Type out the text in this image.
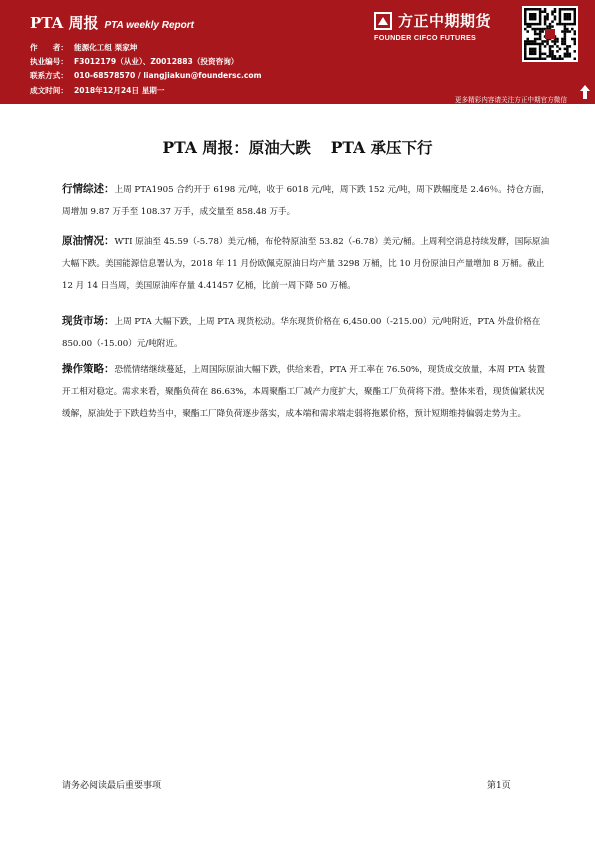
PTA 周报 PTA weekly Report
作　　者： 能源化工组 栗家坤
执业编号： F3012179（从业）、Z0012883（投资咨询）
联系方式： 010-68578570 / liangjiakun@foundersc.com
成文时间： 2018年12月24日 星期一
方正中期期货
FOUNDER CIFCO FUTURES
更多精彩内容请关注方正中期官方微信
PTA 周报：原油大跌 PTA 承压下行
行情综述：上周 PTA1905 合约开于 6198 元/吨，收于 6018 元/吨，周下跌 152 元/吨，周下跌幅度是 2.46％。持仓方面，周增加 9.87 万手至 108.37 万手，成交量至 858.48 万手。
原油情况：WTI 原油至 45.59（-5.78）美元/桶，布伦特原油至 53.82（-6.78）美元/桶。上周利空消息持续发酵，国际原油大幅下跌。美国能源信息署认为，2018 年 11 月份欧佩克原油日均产量 3298 万桶，比 10 月份原油日产量增加 8 万桶。截止 12 月 14 日当周，美国原油库存量 4.41457 亿桶，比前一周下降 50 万桶。
现货市场：上周 PTA 大幅下跌，上周 PTA 现货松动。华东现货价格在 6,450.00（-215.00）元/吨附近，PTA 外盘价格在 850.00（-15.00）元/吨附近。
操作策略：恐慌情绪继续蔓延，上周国际原油大幅下跌，供给来看，PTA 开工率在 76.50%，现货成交放量，本周 PTA 装置开工相对稳定。需求来看，聚酯负荷在 86.63%，本周聚酯工厂减产力度扩大，聚酯工厂负荷将下滑。整体来看，现货偏紧状况缓解，原油处于下跌趋势当中，聚酯工厂降负荷逐步落实，成本端和需求端走弱将拖累价格，预计短期维持偏弱走势为主。
请务必阅读最后重要事项	第1页
